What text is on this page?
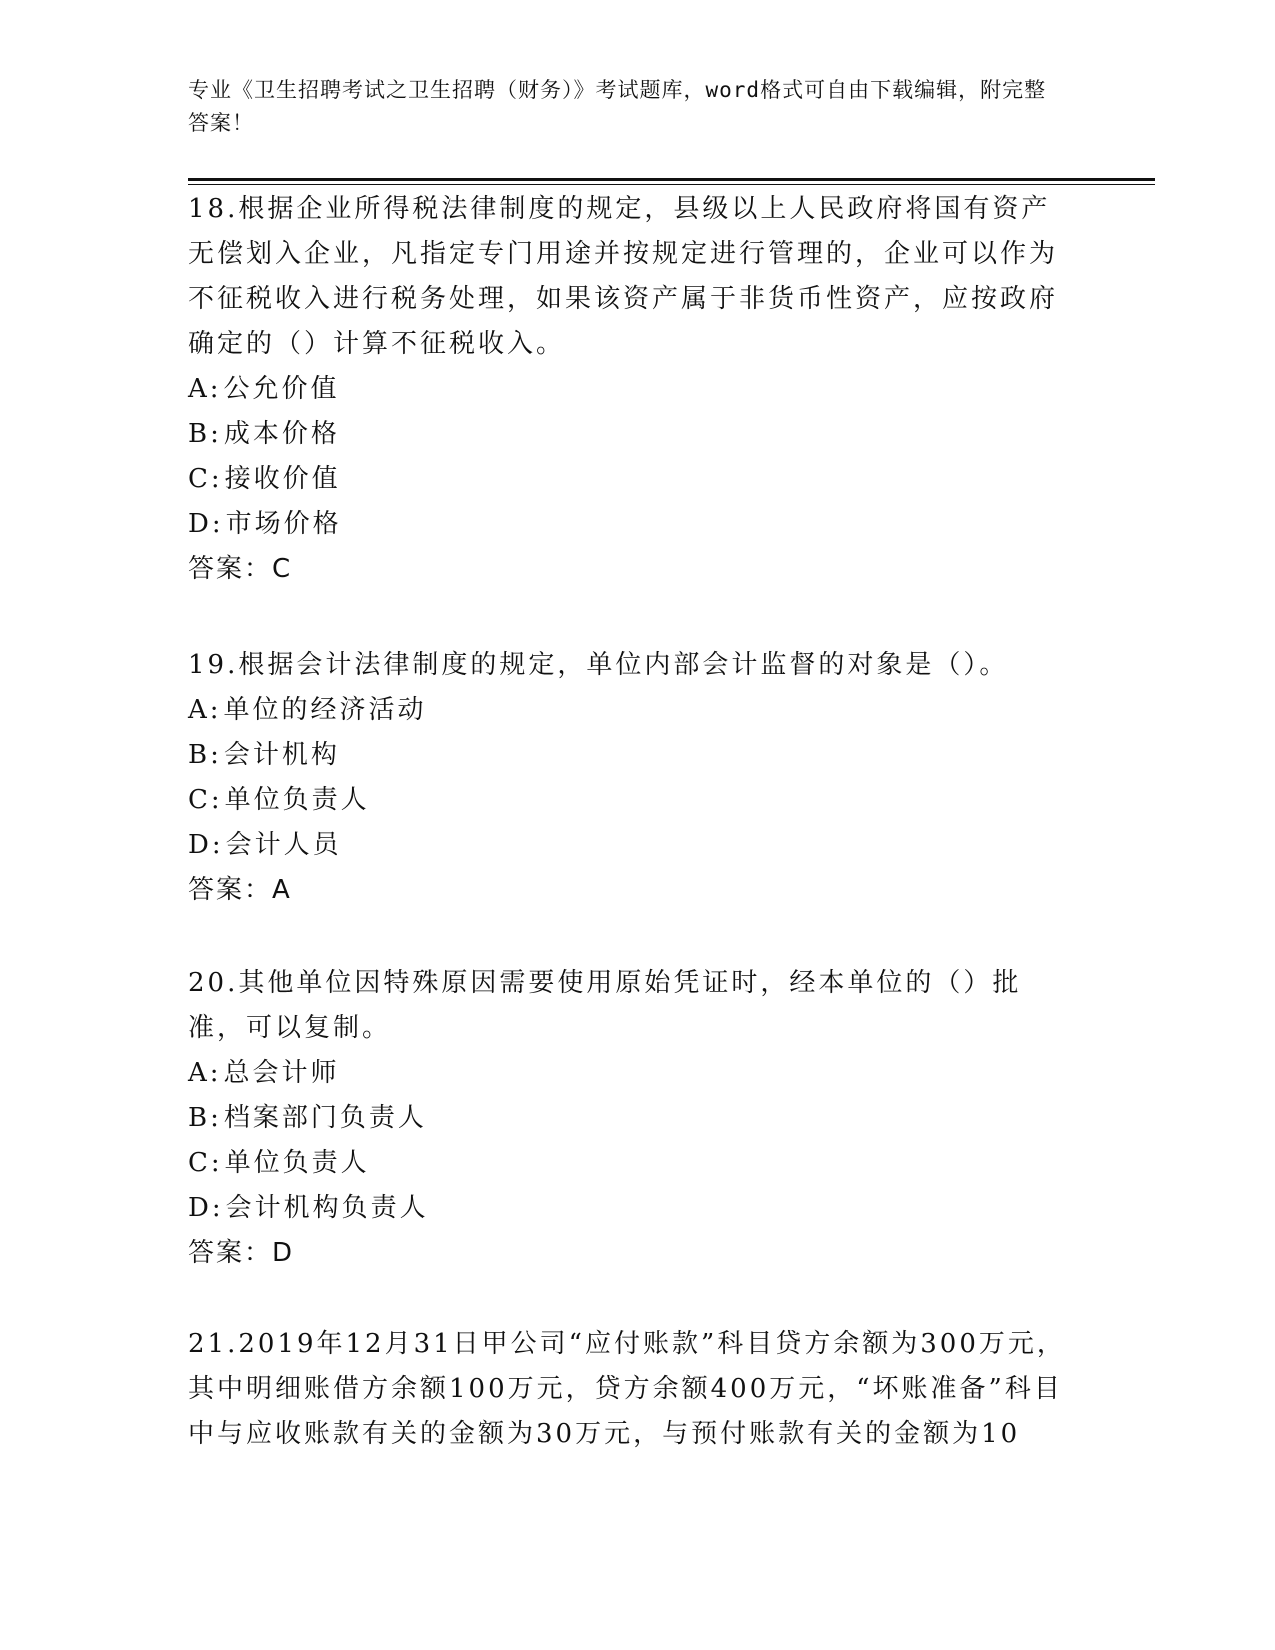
专业《卫生招聘考试之卫生招聘（财务）》考试题库，word格式可自由下载编辑，附完整答案！

18.根据企业所得税法律制度的规定，县级以上人民政府将国有资产无偿划入企业，凡指定专门用途并按规定进行管理的，企业可以作为不征税收入进行税务处理，如果该资产属于非货币性资产，应按政府确定的（）计算不征税收入。

A:公允价值

B:成本价格

C:接收价值

D:市场价格

答案：C

19.根据会计法律制度的规定，单位内部会计监督的对象是（）。

A:单位的经济活动

B:会计机构

C:单位负责人

D:会计人员

答案：A

20.其他单位因特殊原因需要使用原始凭证时，经本单位的（）批准，可以复制。

A:总会计师

B:档案部门负责人

C:单位负责人

D:会计机构负责人

答案：D

21.2019年12月31日甲公司“应付账款”科目贷方余额为300万元，其中明细账借方余额100万元，贷方余额400万元，“坏账准备”科目中与应收账款有关的金额为30万元，与预付账款有关的金额为10
